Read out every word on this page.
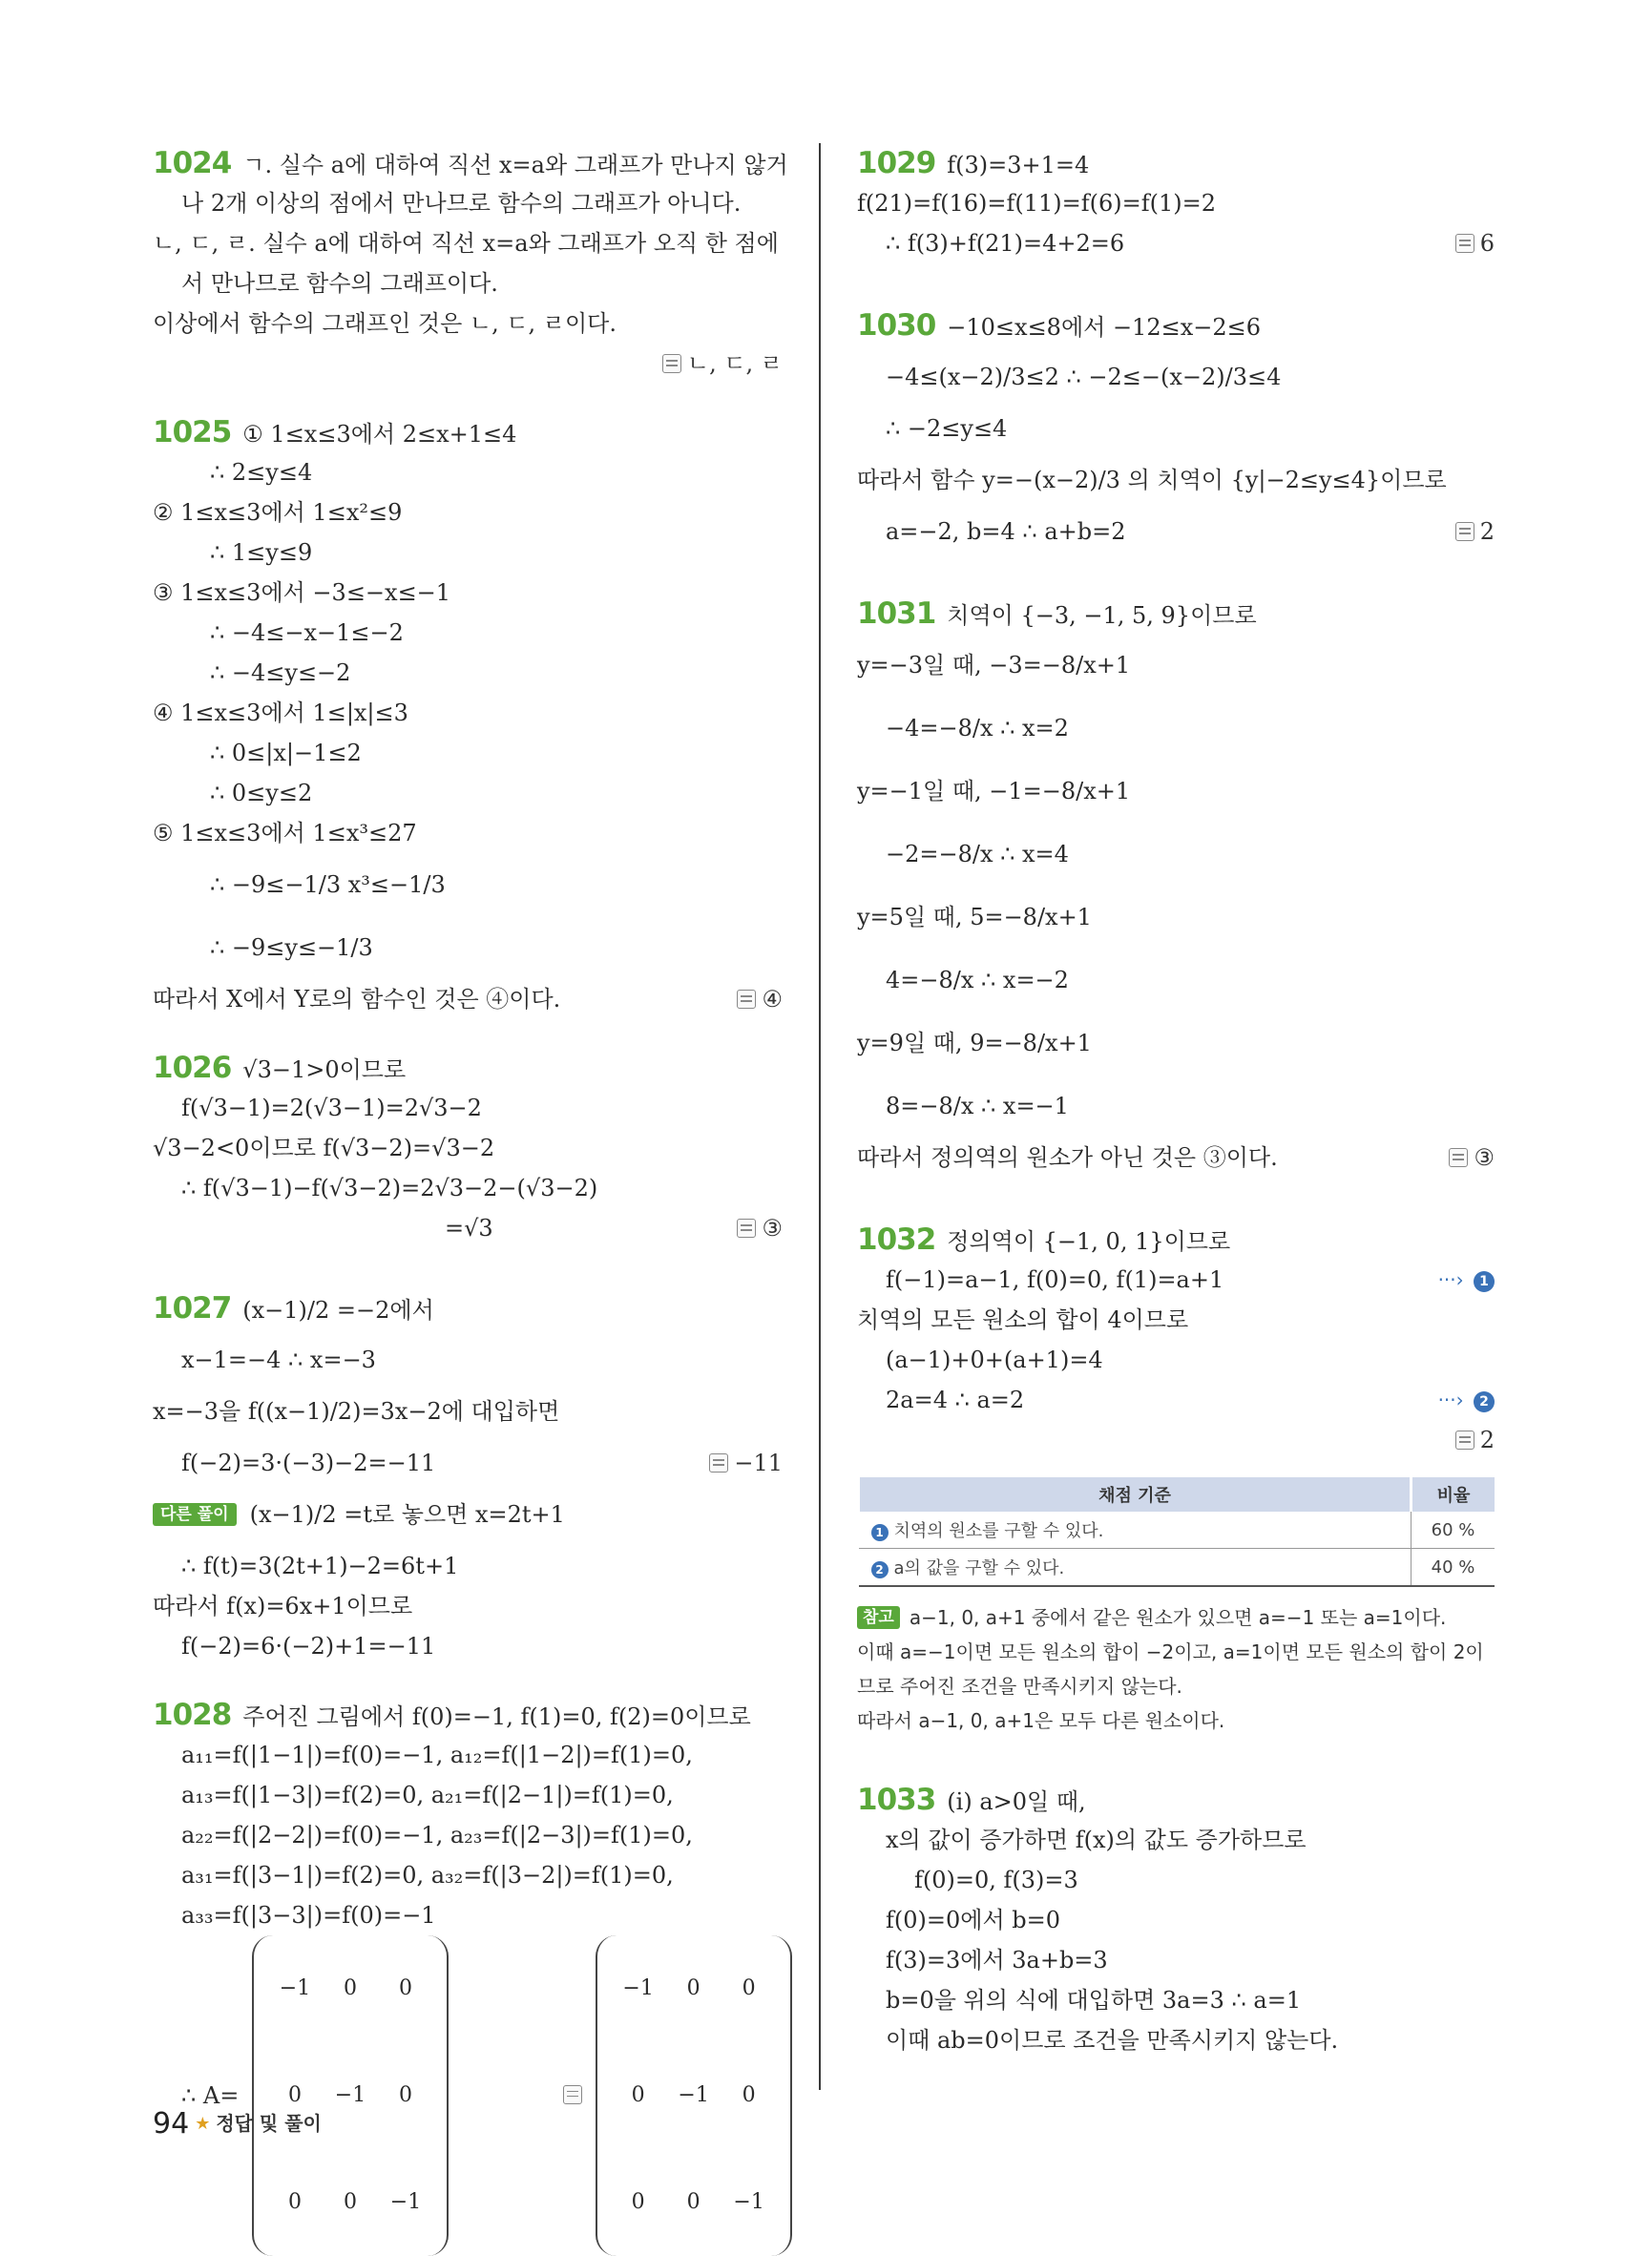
1024 ㄱ. 실수 a에 대하여 직선 x=a와 그래프가 만나지 않거
나 2개 이상의 점에서 만나므로 함수의 그래프가 아니다.
ㄴ, ㄷ, ㄹ. 실수 a에 대하여 직선 x=a와 그래프가 오직 한 점에
서 만나므로 함수의 그래프이다.
이상에서 함수의 그래프인 것은 ㄴ, ㄷ, ㄹ이다.
ㄴ, ㄷ, ㄹ
1025 ① 1≤x≤3에서 2≤x+1≤4
∴ 2≤y≤4
② 1≤x≤3에서 1≤x²≤9
∴ 1≤y≤9
③ 1≤x≤3에서 −3≤−x≤−1
∴ −4≤−x−1≤−2
∴ −4≤y≤−2
④ 1≤x≤3에서 1≤|x|≤3
∴ 0≤|x|−1≤2
∴ 0≤y≤2
⑤ 1≤x≤3에서 1≤x³≤27
∴ −9≤−1/3 x³≤−1/3
∴ −9≤y≤−1/3
따라서 X에서 Y로의 함수인 것은 ④이다.	④
1026 √3−1>0이므로
f(√3−1)=2(√3−1)=2√3−2
√3−2<0이므로 f(√3−2)=√3−2
∴ f(√3−1)−f(√3−2)=2√3−2−(√3−2)
=√3	③
1027 (x−1)/2 =−2에서
x−1=−4 ∴ x=−3
x=−3을 f((x−1)/2)=3x−2에 대입하면
f(−2)=3·(−3)−2=−11	−11
다른 풀이 (x−1)/2 =t로 놓으면 x=2t+1
∴ f(t)=3(2t+1)−2=6t+1
따라서 f(x)=6x+1이므로
f(−2)=6·(−2)+1=−11
1028 주어진 그림에서 f(0)=−1, f(1)=0, f(2)=0이므로
a₁₁=f(|1−1|)=f(0)=−1, a₁₂=f(|1−2|)=f(1)=0,
a₁₃=f(|1−3|)=f(2)=0, a₂₁=f(|2−1|)=f(1)=0,
a₂₂=f(|2−2|)=f(0)=−1, a₂₃=f(|2−3|)=f(1)=0,
a₃₁=f(|3−1|)=f(2)=0, a₃₂=f(|3−2|)=f(1)=0,
a₃₃=f(|3−3|)=f(0)=−1
∴ A=
−1	0	0
0	−1	0
0	0	−1

−1	0	0
0	−1	0
0	0	−1
1029 f(3)=3+1=4
f(21)=f(16)=f(11)=f(6)=f(1)=2
∴ f(3)+f(21)=4+2=6	6
1030 −10≤x≤8에서 −12≤x−2≤6
−4≤(x−2)/3≤2 ∴ −2≤−(x−2)/3≤4
∴ −2≤y≤4
따라서 함수 y=−(x−2)/3 의 치역이 {y|−2≤y≤4}이므로
a=−2, b=4 ∴ a+b=2	2
1031 치역이 {−3, −1, 5, 9}이므로
y=−3일 때, −3=−8/x+1
−4=−8/x ∴ x=2
y=−1일 때, −1=−8/x+1
−2=−8/x ∴ x=4
y=5일 때, 5=−8/x+1
4=−8/x ∴ x=−2
y=9일 때, 9=−8/x+1
8=−8/x ∴ x=−1
따라서 정의역의 원소가 아닌 것은 ③이다.	③
1032 정의역이 {−1, 0, 1}이므로
f(−1)=a−1, f(0)=0, f(1)=a+1	···› 1
치역의 모든 원소의 합이 4이므로
(a−1)+0+(a+1)=4
2a=4 ∴ a=2	···› 2
2
채점 기준	비율
1 치역의 원소를 구할 수 있다.	60 %
2 a의 값을 구할 수 있다.	40 %
참고 a−1, 0, a+1 중에서 같은 원소가 있으면 a=−1 또는 a=1이다.
이때 a=−1이면 모든 원소의 합이 −2이고, a=1이면 모든 원소의 합이 2이
므로 주어진 조건을 만족시키지 않는다.
따라서 a−1, 0, a+1은 모두 다른 원소이다.
1033 (i) a>0일 때,
x의 값이 증가하면 f(x)의 값도 증가하므로
f(0)=0, f(3)=3
f(0)=0에서 b=0
f(3)=3에서 3a+b=3
b=0을 위의 식에 대입하면 3a=3 ∴ a=1
이때 ab=0이므로 조건을 만족시키지 않는다.
94 ★ 정답 및 풀이
